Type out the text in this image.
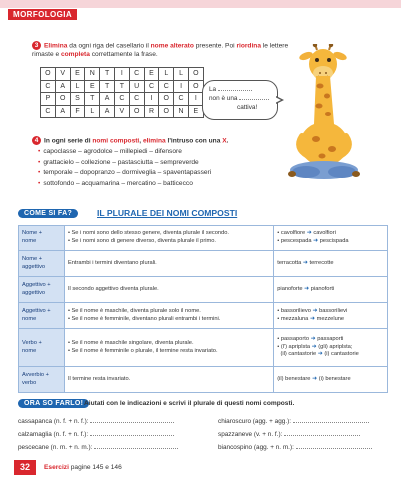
MORFOLOGIA
3 Elimina da ogni riga del casellario il nome alterato presente. Poi riordina le lettere
rimaste e completa correttamente la frase.
O	V	E	N	T	I	C	E	L	L	O
C	A	L	E	T	T	U	C	C	I	O
P	O	S	T	A	C	C	I	O	C	I
C	A	F	L	A	V	O	R	O	N	E
La
non è una
cattiva!
4 In ogni serie di nomi composti, elimina l'intruso con una X.
• capoclasse – agrodolce – millepiedi – difensore
• grattacielo – collezione – pastasciutta – sempreverde
• temporale – dopopranzo – dormiveglia – spaventapasseri
• sottofondo – acquamarina – mercatino – batticecco
COME SI FA?	IL PLURALE DEI NOMI COMPOSTI
Nome +
nome	• Se i nomi sono dello stesso genere, diventa plurale il secondo.
• Se i nomi sono di genere diverso, diventa plurale il primo.	• cavolfiore ➜ cavolfiori
• pescespada ➜ pescispada
Nome +
aggettivo	Entrambi i termini diventano plurali.	terracotta ➜ terrecotte
Aggettivo +
aggettivo	Il secondo aggettivo diventa plurale.	pianoforte ➜ pianoforti
Aggettivo +
nome	• Se il nome è maschile, diventa plurale solo il nome.
• Se il nome è femminile, diventano plurali entrambi i termini.	• bassorilievo ➜ bassorilievi
• mezzaluna ➜ mezzelune
Verbo +
nome	• Se il nome è maschile singolare, diventa plurale.
• Se il nome è femminile o plurale, il termine resta invariato.	• passaporto ➜ passaporti
• (l') apriplsta ➜ (gli) apriplsta;
(il) cantastorie ➜ (i) cantastorie
Avverbio +
verbo	Il termine resta invariato.	(il) benestare ➜ (i) benestare
ORA SO FARLO! Aiutati con le indicazioni e scrivi il plurale di questi nomi composti.
cassapanca (n. f. + n. f.):
calzamaglia (n. f. + n. f.):
pescecane (n. m. + n. m.):
chiaroscuro (agg. + agg.):
spazzaneve (v. + n. f.):
biancospino (agg. + n. m.):
32	Esercizi pagine 145 e 146
